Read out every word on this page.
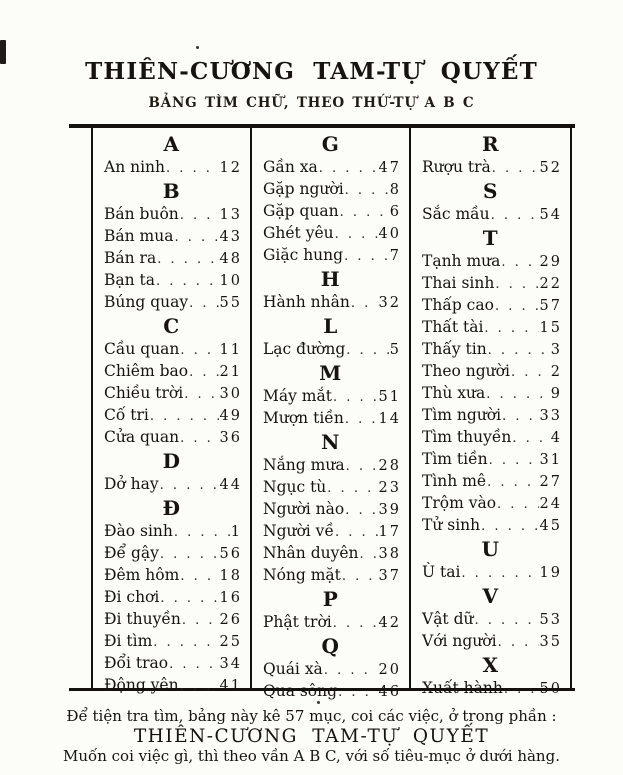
THIÊN-CƯƠNG TAM-TỰ QUYẾT
BẢNG TÌM CHỮ, THEO THỨ-TỰ A B C
A
An ninh . . .	12
B
Bán buôn . . .	13
Bán mua . . .	43
Bán ra . . .	48
Bạn ta . . .	10
Búng quay . . . 55
C
Cầu quan . . .	11
Chiêm bao . . . 21
Chiều trời . . .	30
Cố tri . . .	49
Cửa quan . . .	36
D
Dở hay . . .	44
Đ
Đào sinh . . .	1
Để gậy . . .	56
Đêm hôm . . .	18
Đi chơi . . .	16
Đi thuyền . . .	26
Đi tìm . . .	25
Đổi trao . . .	34
Động yên . . .	41
G
Gần xa . . .	47
Gặp người . . .	8
Gặp quan . . .	6
Ghét yêu . . .	40
Giặc hung . . .	7
H
Hành nhân . . . 32
L
Lạc đường . . .	5
M
Máy mắt . . .	51
Mượn tiền . . . 14
N
Nắng mưa . . . 28
Ngục tù . . .	23
Người nào . . . 39
Người về . . .	17
Nhân duyên . . . 38
Nóng mặt . . .	37
P
Phật trời . . .	42
Q
Quái xà . . .	20
Qua sông . . .	46
R
Rượu trà . . .	52
S
Sắc mầu . . .	54
T
Tạnh mưa . . .	29
Thai sinh . . .	22
Thấp cao . . .	57
Thất tài . . .	15
Thấy tin . . .	3
Theo người . . .	2
Thù xưa . . .	9
Tìm người . . .	33
Tìm thuyền . . .	4
Tìm tiền . . .	31
Tình mê . . .	27
Trộm vào . . .	24
Tử sinh . . .	45
U
Ù tai . . .	19
V
Vật dữ . . .	53
Với người . . .	35
X
Xuất hành . . .	50
Để tiện tra tìm, bảng này kê 57 mục, coi các việc, ở trong phần :
THIÊN-CƯƠNG TAM-TỰ QUYẾT
Muốn coi việc gì, thì theo vần A B C, với số tiêu-mục ở dưới hàng.
